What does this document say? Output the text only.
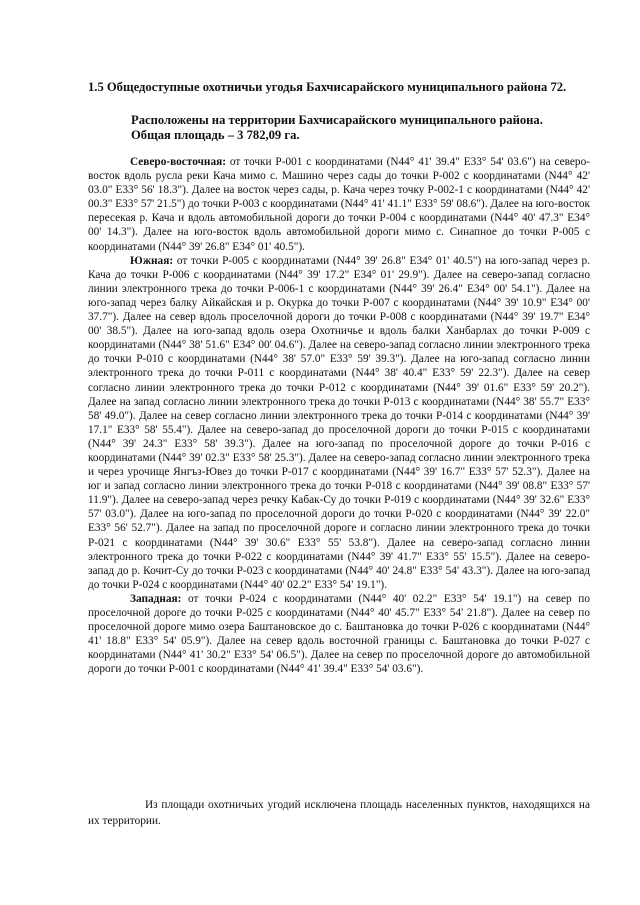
1.5 Общедоступные охотничьи угодья Бахчисарайского муниципального района 72.
Расположены на территории Бахчисарайского муниципального района.
Общая площадь – 3 782,09 га.

Северо-восточная: от точки Р-001 с координатами (N44° 41' 39.4" E33° 54' 03.6") на северо-восток вдоль русла реки Кача мимо с. Машино через сады до точки Р-002 с координатами (N44° 42' 03.0" E33° 56' 18.3"). Далее на восток через сады, р. Кача через точку Р-002-1 с координатами (N44° 42' 00.3" E33° 57' 21.5") до точки Р-003 с координатами (N44° 41' 41.1" E33° 59' 08.6"). Далее на юго-восток пересекая р. Кача и вдоль автомобильной дороги до точки Р-004 с координатами (N44° 40' 47.3" E34° 00' 14.3"). Далее на юго-восток вдоль автомобильной дороги мимо с. Синапное до точки Р-005 с координатами (N44° 39' 26.8" E34° 01' 40.5").

Южная: от точки Р-005 с координатами (N44° 39' 26.8" E34° 01' 40.5") на юго-запад через р. Кача до точки Р-006 с координатами (N44° 39' 17.2" E34° 01' 29.9"). Далее на северо-запад согласно линии электронного трека до точки Р-006-1 с координатами (N44° 39' 26.4" E34° 00' 54.1"). Далее на юго-запад через балку Айкайская и р. Окурка до точки Р-007 с координатами (N44° 39' 10.9" E34° 00' 37.7"). Далее на север вдоль проселочной дороги до точки Р-008 с координатами (N44° 39' 19.7" E34° 00' 38.5"). Далее на юго-запад вдоль озера Охотничье и вдоль балки Ханбарлах до точки Р-009 с координатами (N44° 38' 51.6" E34° 00' 04.6"). Далее на северо-запад согласно линии электронного трека до точки Р-010 с координатами (N44° 38' 57.0" E33° 59' 39.3"). Далее на юго-запад согласно линии электронного трека до точки Р-011 с координатами (N44° 38' 40.4" E33° 59' 22.3"). Далее на север согласно линии электронного трека до точки Р-012 с координатами (N44° 39' 01.6" E33° 59' 20.2"). Далее на запад согласно линии электронного трека до точки Р-013 с координатами (N44° 38' 55.7" E33° 58' 49.0"). Далее на север согласно линии электронного трека до точки Р-014 с координатами (N44° 39' 17.1" E33° 58' 55.4"). Далее на северо-запад до проселочной дороги до точки Р-015 с координатами (N44° 39' 24.3" E33° 58' 39.3"). Далее на юго-запад по проселочной дороге до точки Р-016 с координатами (N44° 39' 02.3" E33° 58' 25.3"). Далее на северо-запад согласно линии электронного трека и через урочище Янгъз-Ювез до точки Р-017 с координатами (N44° 39' 16.7" E33° 57' 52.3"). Далее на юг и запад согласно линии электронного трека до точки Р-018 с координатами (N44° 39' 08.8" E33° 57' 11.9"). Далее на северо-запад через речку Кабак-Су до точки Р-019 с координатами (N44° 39' 32.6" E33° 57' 03.0"). Далее на юго-запад по проселочной дороги до точки Р-020 с координатами (N44° 39' 22.0" E33° 56' 52.7"). Далее на запад по проселочной дороге и согласно линии электронного трека до точки Р-021 с координатами (N44° 39' 30.6" E33° 55' 53.8"). Далее на северо-запад согласно линии электронного трека до точки Р-022 с координатами (N44° 39' 41.7" E33° 55' 15.5"). Далее на северо-запад до р. Кочит-Су до точки Р-023 с координатами (N44° 40' 24.8" E33° 54' 43.3"). Далее на юго-запад до точки Р-024 с координатами (N44° 40' 02.2" E33° 54' 19.1").

Западная: от точки Р-024 с координатами (N44° 40' 02.2" E33° 54' 19.1") на север по проселочной дороге до точки Р-025 с координатами (N44° 40' 45.7" E33° 54' 21.8"). Далее на север по проселочной дороге мимо озера Баштановское до с. Баштановка до точки Р-026 с координатами (N44° 41' 18.8" E33° 54' 05.9"). Далее на север вдоль восточной границы с. Баштановка до точки Р-027 с координатами (N44° 41' 30.2" E33° 54' 06.5"). Далее на север по проселочной дороге до автомобильной дороги до точки Р-001 с координатами (N44° 41' 39.4" E33° 54' 03.6").

Из площади охотничьих угодий исключена площадь населенных пунктов, находящихся на их территории.
